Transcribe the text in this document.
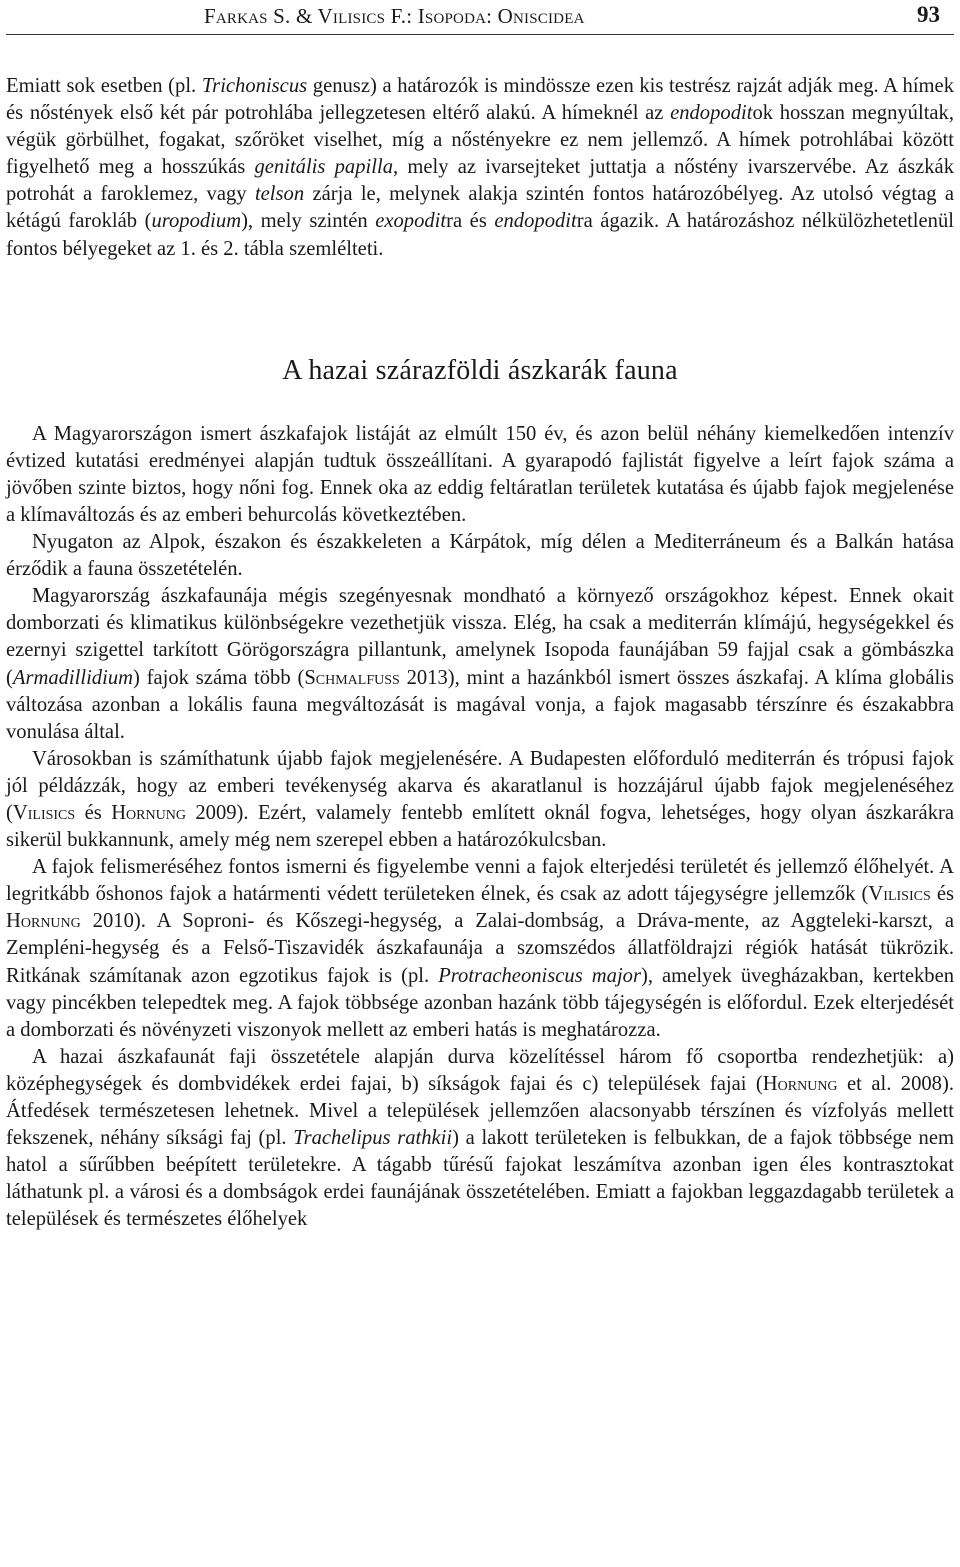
Farkas S. & Vilisics F.: Isopoda: Oniscidea	93

Emiatt sok esetben (pl. Trichoniscus genusz) a határozók is mindössze ezen kis testrész rajzát adják meg. A hímek és nőstények első két pár potrohlába jellegzetesen eltérő alakú. A hímeknél az endopoditok hosszan megnyúltak, végük görbülhet, fogakat, szőröket viselhet, míg a nőstényekre ez nem jellemző. A hímek potrohlábai között figyelhető meg a hosszúkás genitális papilla, mely az ivarsejteket juttatja a nőstény ivarszervébe. Az ászkák potrohát a faroklemez, vagy telson zárja le, melynek alakja szintén fontos határozóbélyeg. Az utolsó végtag a kétágú farokláb (uropodium), mely szintén exopoditra és endopoditra ágazik. A határozáshoz nélkülözhetetlenül fontos bélyegeket az 1. és 2. tábla szemlélteti.

A hazai szárazföldi ászkarák fauna

A Magyarországon ismert ászkafajok listáját az elmúlt 150 év, és azon belül néhány kiemelkedően intenzív évtized kutatási eredményei alapján tudtuk összeállítani. A gyarapodó fajlistát figyelve a leírt fajok száma a jövőben szinte biztos, hogy nőni fog. Ennek oka az eddig feltáratlan területek kutatása és újabb fajok megjelenése a klímaváltozás és az emberi behurcolás következtében.

Nyugaton az Alpok, északon és északkeleten a Kárpátok, míg délen a Mediterráneum és a Balkán hatása érződik a fauna összetételén.

Magyarország ászkafaunája mégis szegényesnak mondható a környező országokhoz képest. Ennek okait domborzati és klimatikus különbségekre vezethetjük vissza. Elég, ha csak a mediterrán klímájú, hegységekkel és ezernyi szigettel tarkított Görögországra pillantunk, amelynek Isopoda faunájában 59 fajjal csak a gömbászka (Armadillidium) fajok száma több (Schmalfuss 2013), mint a hazánkból ismert összes ászkafaj. A klíma globális változása azonban a lokális fauna megváltozását is magával vonja, a fajok magasabb térszínre és északabbra vonulása által.

Városokban is számíthatunk újabb fajok megjelenésére. A Budapesten előforduló mediterrán és trópusi fajok jól példázzák, hogy az emberi tevékenység akarva és akaratlanul is hozzájárul újabb fajok megjelenéséhez (Vilisics és Hornung 2009). Ezért, valamely fentebb említett oknál fogva, lehetséges, hogy olyan ászkarákra sikerül bukkannunk, amely még nem szerepel ebben a határozókulcsban.

A fajok felismeréséhez fontos ismerni és figyelembe venni a fajok elterjedési területét és jellemző élőhelyét. A legritkább őshonos fajok a határmenti védett területeken élnek, és csak az adott tájegységre jellemzők (Vilisics és Hornung 2010). A Soproni- és Kőszegi-hegység, a Zalai-dombság, a Dráva-mente, az Aggteleki-karszt, a Zempléni-hegység és a Felső-Tiszavidék ászkafaunája a szomszédos állatföldrajzi régiók hatását tükrözik. Ritkának számítanak azon egzotikus fajok is (pl. Protracheoniscus major), amelyek üvegházakban, kertekben vagy pincékben telepedtek meg. A fajok többsége azonban hazánk több tájegységén is előfordul. Ezek elterjedését a domborzati és növényzeti viszonyok mellett az emberi hatás is meghatározza.

A hazai ászkafaunát faji összetétele alapján durva közelítéssel három fő csoportba rendezhetjük: a) középhegységek és dombvidékek erdei fajai, b) síkságok fajai és c) települések fajai (Hornung et al. 2008). Átfedések természetesen lehetnek. Mivel a települések jellemzően alacsonyabb térszínen és vízfolyás mellett fekszenek, néhány síksági faj (pl. Trachelipus rathkii) a lakott területeken is felbukkan, de a fajok többsége nem hatol a sűrűbben beépített területekre. A tágabb tűrésű fajokat leszámítva azonban igen éles kontrasztokat láthatunk pl. a városi és a dombságok erdei faunájának összetételében. Emiatt a fajokban leggazdagabb területek a települések és természetes élőhelyek
